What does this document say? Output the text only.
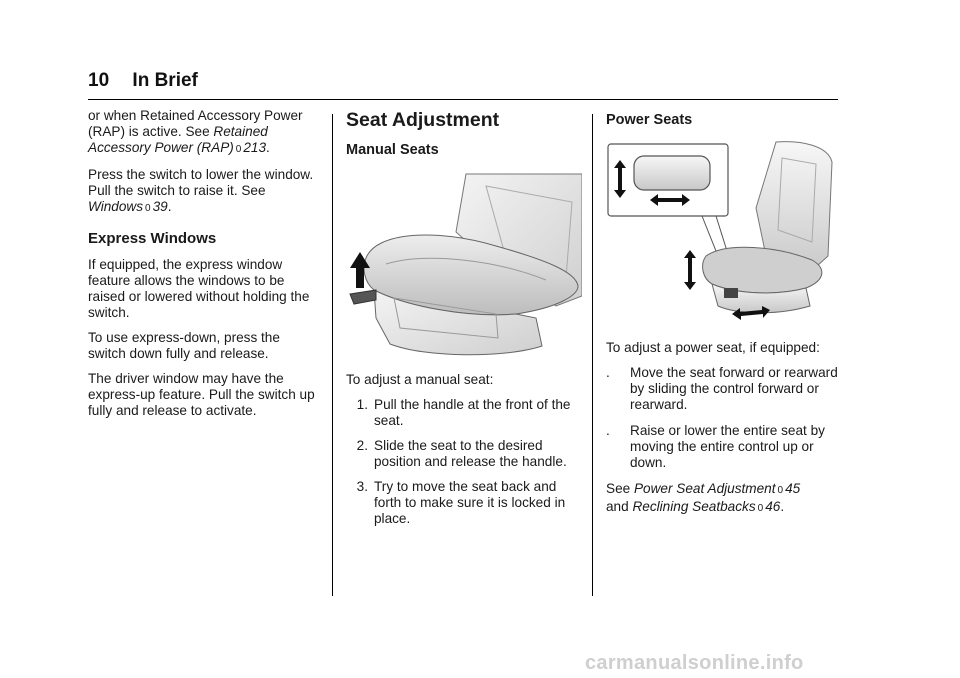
10 In Brief

or when Retained Accessory Power (RAP) is active. See Retained Accessory Power (RAP) 0 213.

Press the switch to lower the window. Pull the switch to raise it. See Windows 0 39.

Express Windows

If equipped, the express window feature allows the windows to be raised or lowered without holding the switch.

To use express-down, press the switch down fully and release.

The driver window may have the express-up feature. Pull the switch up fully and release to activate.

Seat Adjustment
Manual Seats

To adjust a manual seat:

1. Pull the handle at the front of the seat.
2. Slide the seat to the desired position and release the handle.
3. Try to move the seat back and forth to make sure it is locked in place.
Power Seats

To adjust a power seat, if equipped:

.	Move the seat forward or rearward by sliding the control forward or rearward.
.	Raise or lower the entire seat by moving the entire control up or down.

See Power Seat Adjustment 0 45
and Reclining Seatbacks 0 46.

carmanualsonline.info
